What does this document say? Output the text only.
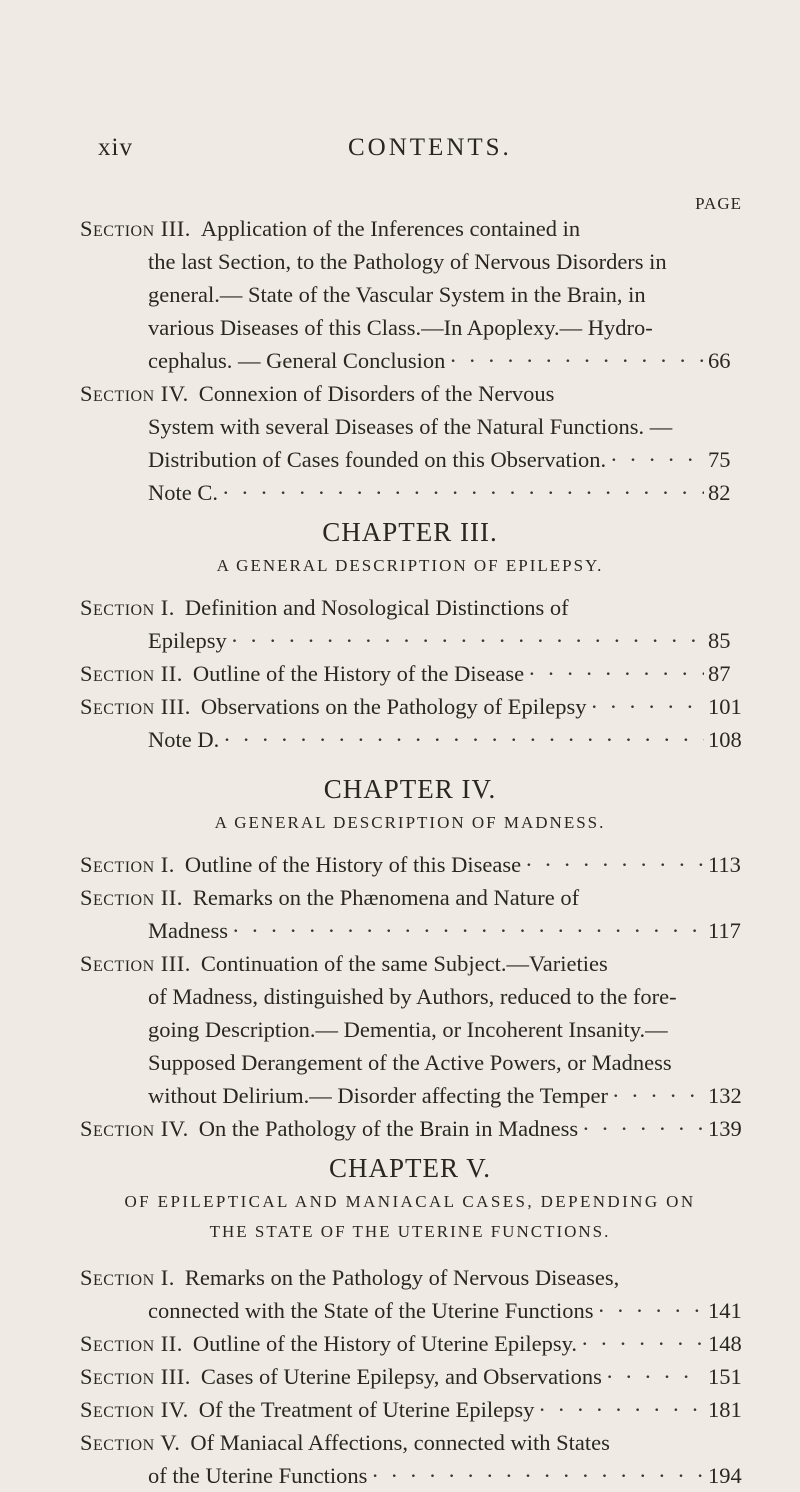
xiv	CONTENTS.
PAGE
Section III. Application of the Inferences contained in
the last Section, to the Pathology of Nervous Disorders in
general.— State of the Vascular System in the Brain, in
various Diseases of this Class.—In Apoplexy.— Hydro-
cephalus. — General Conclusion · · ·	66
Section IV. Connexion of Disorders of the Nervous
System with several Diseases of the Natural Functions. —
Distribution of Cases founded on this Observation. · · ·	75
Note C. · · ·	82
CHAPTER III.
A GENERAL DESCRIPTION OF EPILEPSY.
Section I. Definition and Nosological Distinctions of
Epilepsy · · ·	85
Section II. Outline of the History of the Disease · · ·	87
Section III. Observations on the Pathology of Epilepsy · · ·	101
Note D. · · ·	108
CHAPTER IV.
A GENERAL DESCRIPTION OF MADNESS.
Section I. Outline of the History of this Disease · · ·	113
Section II. Remarks on the Phænomena and Nature of
Madness · · ·	117
Section III. Continuation of the same Subject.—Varieties
of Madness, distinguished by Authors, reduced to the fore-
going Description.— Dementia, or Incoherent Insanity.—
Supposed Derangement of the Active Powers, or Madness
without Delirium.— Disorder affecting the Temper · · ·	132
Section IV. On the Pathology of the Brain in Madness · · ·	139
CHAPTER V.
OF EPILEPTICAL AND MANIACAL CASES, DEPENDING ON
THE STATE OF THE UTERINE FUNCTIONS.
Section I. Remarks on the Pathology of Nervous Diseases,
connected with the State of the Uterine Functions · · ·	141
Section II. Outline of the History of Uterine Epilepsy. · · ·	148
Section III. Cases of Uterine Epilepsy, and Observations · · ·	151
Section IV. Of the Treatment of Uterine Epilepsy · · ·	181
Section V. Of Maniacal Affections, connected with States
of the Uterine Functions · · ·	194
